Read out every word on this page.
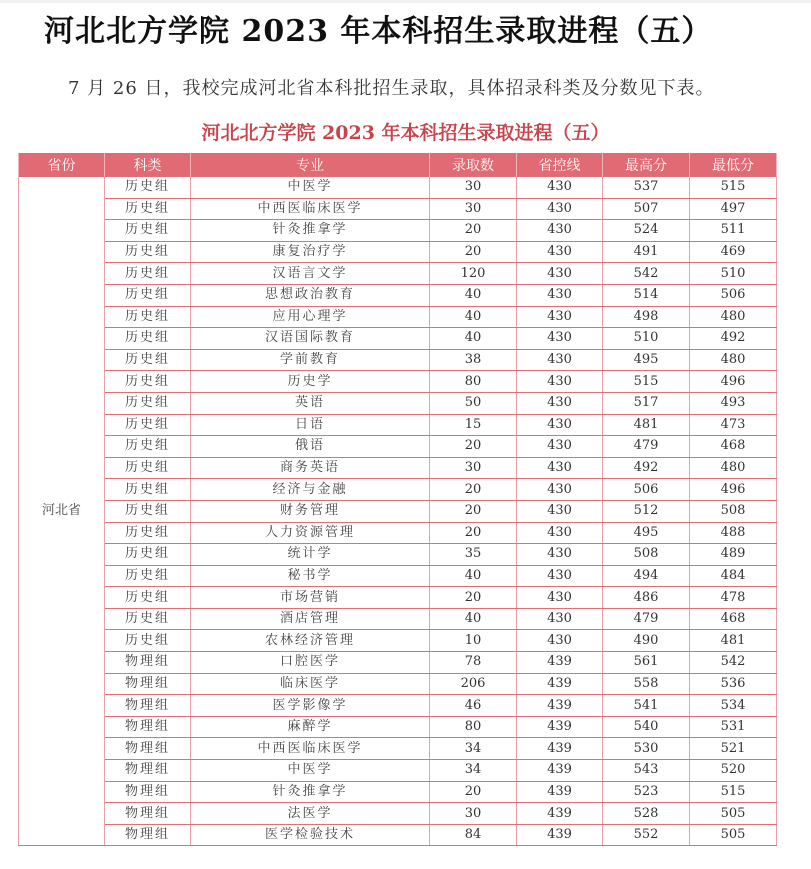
河北北方学院 2023 年本科招生录取进程（五）

7 月 26 日，我校完成河北省本科批招生录取，具体招录科类及分数见下表。

河北北方学院 2023 年本科招生录取进程（五）
省份	科类	专业	录取数	省控线	最高分	最低分
河北省	历史组	中医学	30	430	537	515
	历史组	中西医临床医学	30	430	507	497
	历史组	针灸推拿学	20	430	524	511
	历史组	康复治疗学	20	430	491	469
	历史组	汉语言文学	120	430	542	510
	历史组	思想政治教育	40	430	514	506
	历史组	应用心理学	40	430	498	480
	历史组	汉语国际教育	40	430	510	492
	历史组	学前教育	38	430	495	480
	历史组	历史学	80	430	515	496
	历史组	英语	50	430	517	493
	历史组	日语	15	430	481	473
	历史组	俄语	20	430	479	468
	历史组	商务英语	30	430	492	480
	历史组	经济与金融	20	430	506	496
	历史组	财务管理	20	430	512	508
	历史组	人力资源管理	20	430	495	488
	历史组	统计学	35	430	508	489
	历史组	秘书学	40	430	494	484
	历史组	市场营销	20	430	486	478
	历史组	酒店管理	40	430	479	468
	历史组	农林经济管理	10	430	490	481
	物理组	口腔医学	78	439	561	542
	物理组	临床医学	206	439	558	536
	物理组	医学影像学	46	439	541	534
	物理组	麻醉学	80	439	540	531
	物理组	中西医临床医学	34	439	530	521
	物理组	中医学	34	439	543	520
	物理组	针灸推拿学	20	439	523	515
	物理组	法医学	30	439	528	505
	物理组	医学检验技术	84	439	552	505
